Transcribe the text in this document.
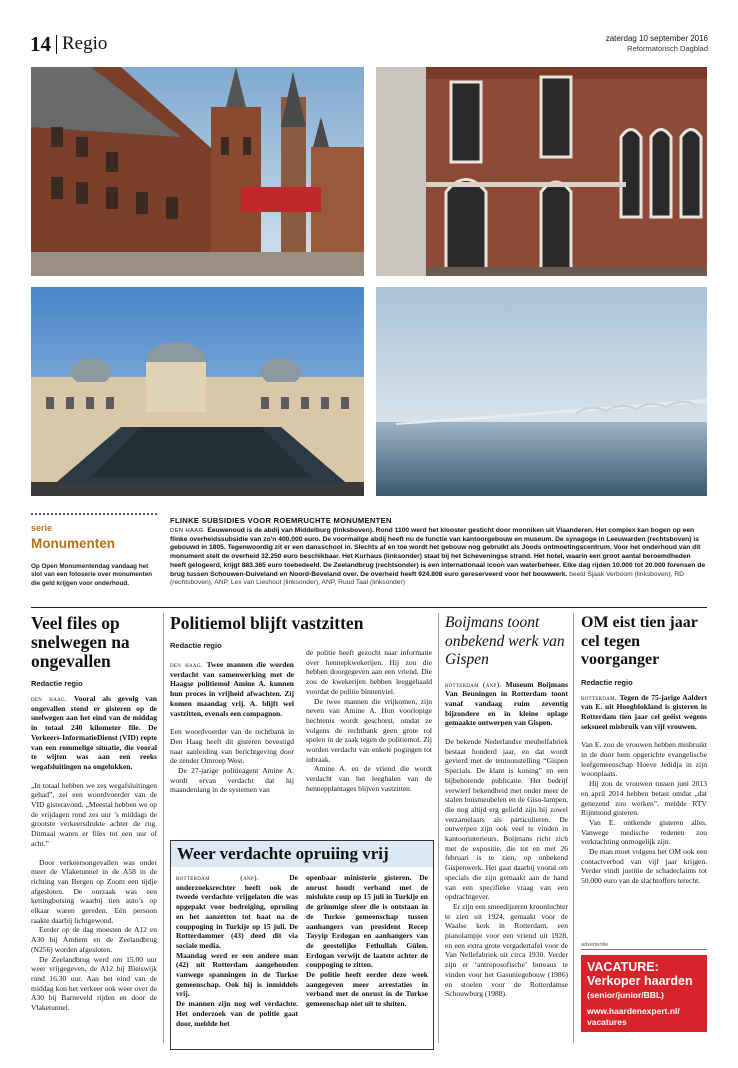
14 Regio	zaterdag 10 september 2016
Reformatorisch Dagblad
serie
Monumenten

Op Open Monumentendag vandaag het slot van een fotoserie over monumenten die geld krijgen voor onderhoud.

FLINKE SUBSIDIES VOOR ROEMRUCHTE MONUMENTEN

DEN HAAG. Eeuwenoud is de abdij van Middelburg (linksboven). Rond 1100 werd het klooster gesticht door monniken uit Vlaanderen. Het complex kan bogen op een flinke overheidssubsidie van zo'n 400.000 euro. De voormalige abdij heeft nu de functie van kantoorgebouw en museum. De synagoge in Leeuwarden (rechtsboven) is gebouwd in 1805. Tegenwoordig zit er een dansschool in. Slechts af en toe wordt het gebouw nog gebruikt als Joods ontmoetingscentrum. Voor het onderhoud van dit monument stelt de overheid 32.250 euro beschikbaar. Het Kurhaus (linksonder) staat bij het Scheveningse strand. Het hotel, waarin een groot aantal beroemdheden heeft gelogeerd, krijgt 883.365 euro toebedeeld. De Zeelandbrug (rechtsonder) is een internationaal icoon van waterbeheer. Elke dag rijden 10.000 tot 20.000 forensen de brug tussen Schouwen-Duiveland en Noord-Beveland over. De overheid heeft 924.808 euro gereserveerd voor het bouwwerk. beeld Sjaak Verboom (linksboven), RD (rechtsboven), ANP, Lex van Lieshout (linksonder), ANP, Ruud Taal (linksonder)

Veel files op snelwegen na ongevallen
Redactie regio

den haag. Vooral als gevolg van ongevallen stond er gisteren op de snelwegen aan het eind van de middag in totaal 240 kilometer file. De Verkeers-InformatieDienst (VID) repte van een rommelige situatie, die vooral te wijten was aan een reeks wegafsluitingen na ongelukken.

„In totaal hebben we zes wegafsluitingen gehad”, zei een woordvoerder van de VID gisteravond. „Meestal hebben we op de vrijdagen rond zes uur ’s middags de grootste verkeersdrukte achter de rug. Ditmaal waren er files tot een uur of acht.”

Door verkeersongevallen was onder meer de Vlaketunnel in de A58 in de richting van Bergen op Zoom een tijdje afgesloten. De oorzaak was een kettingbotsing waarbij tien auto’s op elkaar waren gereden. Eén persoon raakte daarbij lichtgewond.

Eerder op de dag moesten de A12 en A30 bij Arnhem en de Zeelandbrug (N256) worden afgesloten.

De Zeelandbrug werd om 15.00 uur weer vrijgegeven, de A12 bij Bleiswijk rond 16.30 uur. Aan het eind van de middag kon het verkeer ook weer over de A30 bij Barneveld rijden en door de Vlaketunnel.

Politiemol blijft vastzitten
Redactie regio

den haag. Twee mannen die worden verdacht van samenwerking met de Haagse politiemol Amine A. kunnen hun proces in vrijheid afwachten. Zij komen maandag vrij. A. blijft wel vastzitten, evenals een compagnon.

Een woordvoerder van de rechtbank in Den Haag heeft dit gisteren bevestigd naar aanleiding van berichtgeving door de zender Omroep West.

De 27-jarige politieagent Amine A. wordt ervan verdacht dat hij maandenlang in de systemen van

de politie heeft gezocht naar informatie over hennepkwekerijen. Hij zou die hebben doorgegeven aan een vriend. Die zou de kwekerijen hebben leeggehaald voordat de politie binnenviel.

De twee mannen die vrijkomen, zijn neven van Amine A. Hun voorlopige hechtenis wordt geschorst, omdat ze volgens de rechtbank geen grote rol spelen in de zaak tegen de politiemol. Zij worden verdacht van enkele pogingen tot inbraak.

Amine A. en de vriend die wordt verdacht van het leeghalen van de hennepplantages blijven vastzitten.

Weer verdachte opruiing vrij

rotterdam (anp).	De onderzoeksrechter heeft ook de tweede verdachte vrijgelaten die was opgepakt voor bedreiging, opruiing en het aanzetten tot haat na de couppoging in Turkije op 15 juli. De Rotterdammer (43) deed dit via sociale media.

Maandag werd er een andere man (42) uit Rotterdam aangehouden vanwege spanningen in de Turkse gemeenschap. Ook hij is inmiddels vrij.

De mannen zijn nog wel verdachte. Het onderzoek van de politie gaat door, meldde het

openbaar ministerie gisteren. De onrust houdt verband met de mislukte coup op 15 juli in Turkije en de grimmige sfeer die is ontstaan in de Turkse gemeenschap tussen aanhangers van president Recep Tayyip Erdogan en aanhangers van de geestelijke Fethullah Gülen. Erdogan verwijt de laatste achter de couppoging te zitten.

De politie heeft eerder deze week aangegeven meer arrestaties in verband met de onrust in de Turkse gemeenschap niet uit te sluiten.

Boijmans toont onbekend werk van Gispen

rotterdam (anp). Museum Boijmans Van Beuningen in Rotterdam toont vanaf vandaag ruim zeventig bijzondere en in kleine oplage gemaakte ontwerpen van Gispen.

De bekende Nederlandse meubelfabriek bestaat honderd jaar, en dat wordt gevierd met de tentoonstelling “Gispen Specials. De klant is koning” en een bijbehorende publicatie. Het bedrijf verwierf bekendheid met onder meer de stalen buismeubelen en de Giso-lampen, die nog altijd erg geliefd zijn bij zowel verzamelaars als particulieren. De ontwerpen zijn ook veel te vinden in kantoorinterieurs. Boijmans richt zich met de expositie, die tot en met 26 februari is te zien, op onbekend Gispenwerk. Het gaat daarbij vooral om specials die zijn gemaakt aan de hand van een specifieke vraag van een opdrachtgever.

Er zijn een smeedijzeren kroonluchter te zien uit 1924, gemaakt voor de Waalse kerk in Rotterdam, een pianolampje voor een vriend uit 1928, en een extra grote vergadertafel voor de Van Nellefabriek uit circa 1930. Verder zijn er ‘antroposofische’ bureaus te vinden voor het Gasuniegebouw (1986) en stoelen voor de Rotterdamse Schouwburg (1988).

OM eist tien jaar cel tegen voorganger
Redactie regio

rotterdam. Tegen de 75-jarige Aaldert van E. uit Hoogblokland is gisteren in Rotterdam tien jaar cel geëist wegens seksueel misbruik van vijf vrouwen.

Van E. zou de vrouwen hebben misbruikt in de door hem opgerichte evangelische leefgemeenschap Hoeve Jedidja in zijn woonplaats.

Hij zou de vrouwen tussen juni 2013 en april 2014 hebben betast omdat „dat genezend zou werken”, meldde RTV Rijnmond gisteren.

Van E. ontkende gisteren alles. Vanwege medische redenen zou verkrachting onmogelijk zijn.

De man moet volgens het OM ook een contactverbod van vijf jaar krijgen. Verder vindt justitie de schadeclaims tot 50.000 euro van de slachtoffers terecht.

advertentie
VACATURE:
Verkoper haarden
(senior/junior/BBL)
www.haardenexpert.nl/
vacatures
